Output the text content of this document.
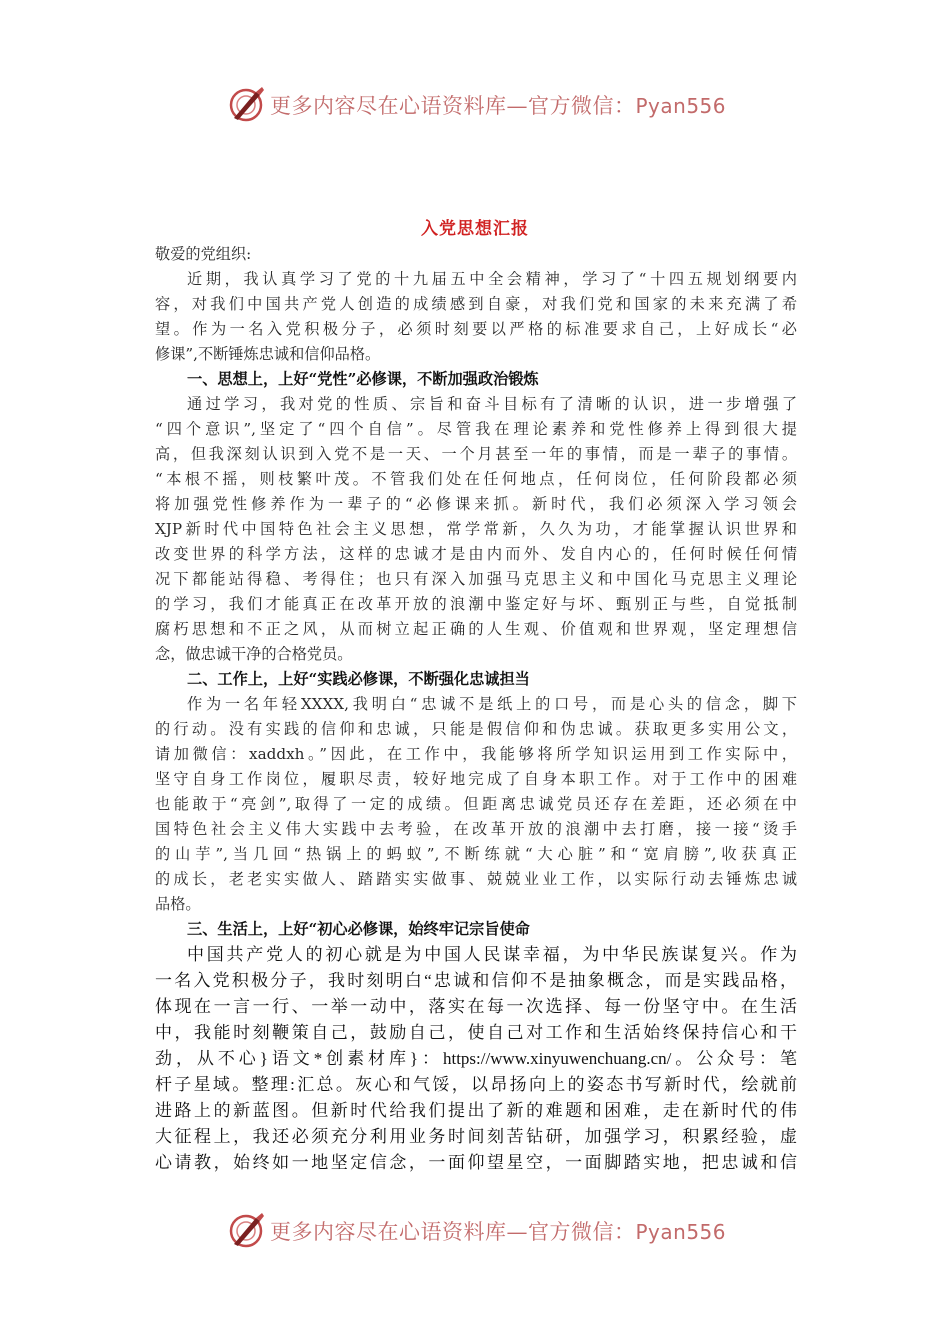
更多内容尽在心语资料库—官方微信：Pyan556
入党思想汇报
敬爱的党组织:
近期，我认真学习了党的十九届五中全会精神，学习了“十四五规划纲要内
容，对我们中国共产党人创造的成绩感到自豪，对我们党和国家的未来充满了希
望。作为一名入党积极分子，必须时刻要以严格的标准要求自己，上好成长“必
修课”,不断锤炼忠诚和信仰品格。
一、思想上，上好“党性”必修课，不断加强政治锻炼
通过学习，我对党的性质、宗旨和奋斗目标有了清晰的认识，进一步增强了
“四个意识”,坚定了“四个自信”。尽管我在理论素养和党性修养上得到很大提
高，但我深刻认识到入党不是一天、一个月甚至一年的事情，而是一辈子的事情。
“本根不摇，则枝繁叶茂。不管我们处在任何地点，任何岗位，任何阶段都必须
将加强党性修养作为一辈子的“必修课来抓。新时代，我们必须深入学习领会
XJP新时代中国特色社会主义思想，常学常新，久久为功，才能掌握认识世界和
改变世界的科学方法，这样的忠诚才是由内而外、发自内心的，任何时候任何情
况下都能站得稳、考得住；也只有深入加强马克思主义和中国化马克思主义理论
的学习，我们才能真正在改革开放的浪潮中鉴定好与坏、甄别正与些，自觉抵制
腐朽思想和不正之风，从而树立起正确的人生观、价值观和世界观，坚定理想信
念，做忠诚干净的合格党员。
二、工作上，上好“实践必修课，不断强化忠诚担当
作为一名年轻XXXX,我明白“忠诚不是纸上的口号，而是心头的信念，脚下
的行动。没有实践的信仰和忠诚，只能是假信仰和伪忠诚。获取更多实用公文，
请加微信：xaddxh。”因此，在工作中，我能够将所学知识运用到工作实际中，
坚守自身工作岗位，履职尽责，较好地完成了自身本职工作。对于工作中的困难
也能敢于“亮剑”,取得了一定的成绩。但距离忠诚党员还存在差距，还必须在中
国特色社会主义伟大实践中去考验，在改革开放的浪潮中去打磨，接一接“烫手
的山芋”,当几回“热锅上的蚂蚁”,不断练就“大心脏”和“宽肩膀”,收获真正
的成长，老老实实做人、踏踏实实做事、兢兢业业工作，以实际行动去锤炼忠诚
品格。
三、生活上，上好“初心必修课，始终牢记宗旨使命
中国共产党人的初心就是为中国人民谋幸福，为中华民族谋复兴。作为
一名入党积极分子，我时刻明白“忠诚和信仰不是抽象概念，而是实践品格，
体现在一言一行、一举一动中，落实在每一次选择、每一份坚守中。在生活
中，我能时刻鞭策自己，鼓励自己，使自己对工作和生活始终保持信心和干
劲，从不心}语文*创素材库}：https://www.xinyuwenchuang.cn/。公众号：笔
杆子星域。整理:汇总。灰心和气馁，以昂扬向上的姿态书写新时代，绘就前
进路上的新蓝图。但新时代给我们提出了新的难题和困难，走在新时代的伟
大征程上，我还必须充分利用业务时间刻苦钻研，加强学习，积累经验，虚
心请教，始终如一地坚定信念，一面仰望星空，一面脚踏实地，把忠诚和信
更多内容尽在心语资料库—官方微信：Pyan556
